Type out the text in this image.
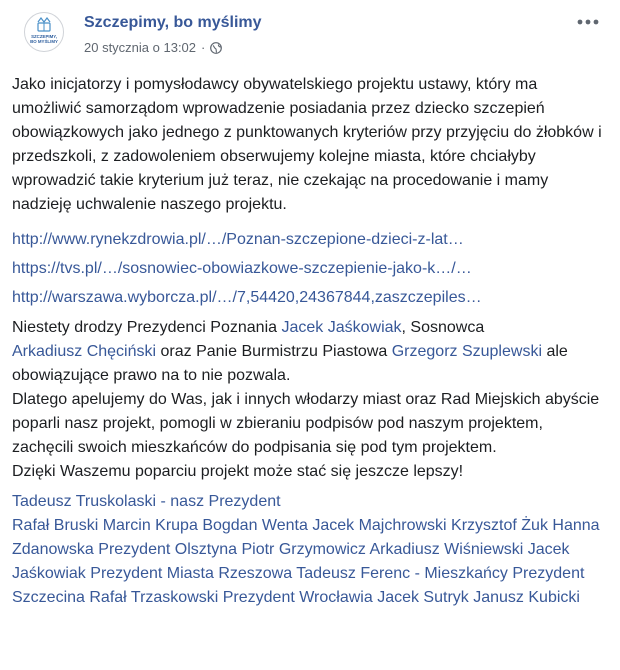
SZCZEPIMY,
BO MYŚLIMY
Szczepimy, bo myślimy
20 stycznia o 13:02 ·

Jako inicjatorzy i pomysłodawcy obywatelskiego projektu ustawy, który ma umożliwić samorządom wprowadzenie posiadania przez dziecko szczepień obowiązkowych jako jednego z punktowanych kryteriów przy przyjęciu do żłobków i przedszkoli, z zadowoleniem obserwujemy kolejne miasta, które chciałyby wprowadzić takie kryterium już teraz, nie czekając na procedowanie i mamy nadzieję uchwalenie naszego projektu.

http://www.rynekzdrowia.pl/…/Poznan-szczepione-dzieci-z-lat…
https://tvs.pl/…/sosnowiec-obowiazkowe-szczepienie-jako-k…/…
http://warszawa.wyborcza.pl/…/7,54420,24367844,zaszczepiles…

Niestety drodzy Prezydenci Poznania Jacek Jaśkowiak, Sosnowca
Arkadiusz Chęciński oraz Panie Burmistrzu Piastowa Grzegorz Szuplewski ale obowiązujące prawo na to nie pozwala.
Dlatego apelujemy do Was, jak i innych włodarzy miast oraz Rad Miejskich abyście poparli nasz projekt, pomogli w zbieraniu podpisów pod naszym projektem, zachęcili swoich mieszkańców do podpisania się pod tym projektem.
Dzięki Waszemu poparciu projekt może stać się jeszcze lepszy!

Tadeusz Truskolaski - nasz Prezydent
Rafał Bruski Marcin Krupa Bogdan Wenta Jacek Majchrowski Krzysztof Żuk Hanna Zdanowska Prezydent Olsztyna Piotr Grzymowicz Arkadiusz Wiśniewski Jacek Jaśkowiak Prezydent Miasta Rzeszowa Tadeusz Ferenc - Mieszkańcy Prezydent Szczecina Rafał Trzaskowski Prezydent Wrocławia Jacek Sutryk Janusz Kubicki
